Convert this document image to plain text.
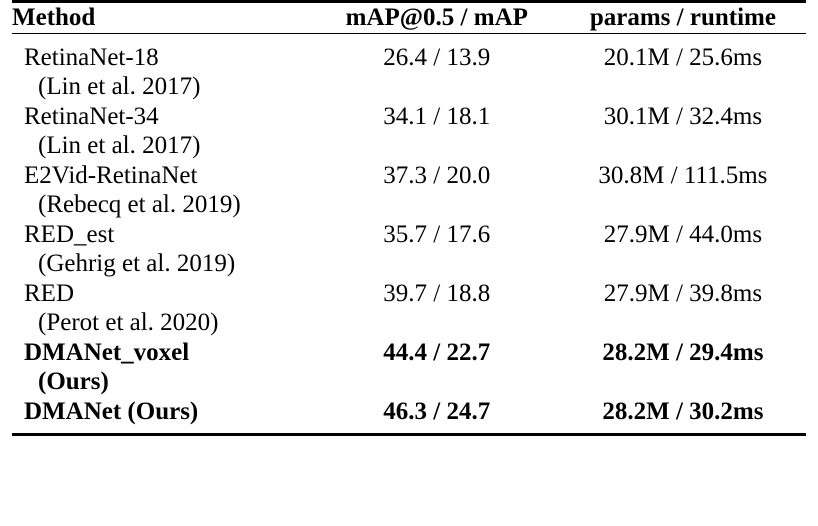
Method	mAP@0.5 / mAP	params / runtime

RetinaNet-18
(Lin et al. 2017)	26.4 / 13.9	20.1M / 25.6ms
RetinaNet-34
(Lin et al. 2017)	34.1 / 18.1	30.1M / 32.4ms
E2Vid-RetinaNet
(Rebecq et al. 2019)	37.3 / 20.0	30.8M / 111.5ms
RED_est
(Gehrig et al. 2019)	35.7 / 17.6	27.9M / 44.0ms
RED
(Perot et al. 2020)	39.7 / 18.8	27.9M / 39.8ms
DMANet_voxel
(Ours)	44.4 / 22.7	28.2M / 29.4ms
DMANet (Ours)	46.3 / 24.7	28.2M / 30.2ms
